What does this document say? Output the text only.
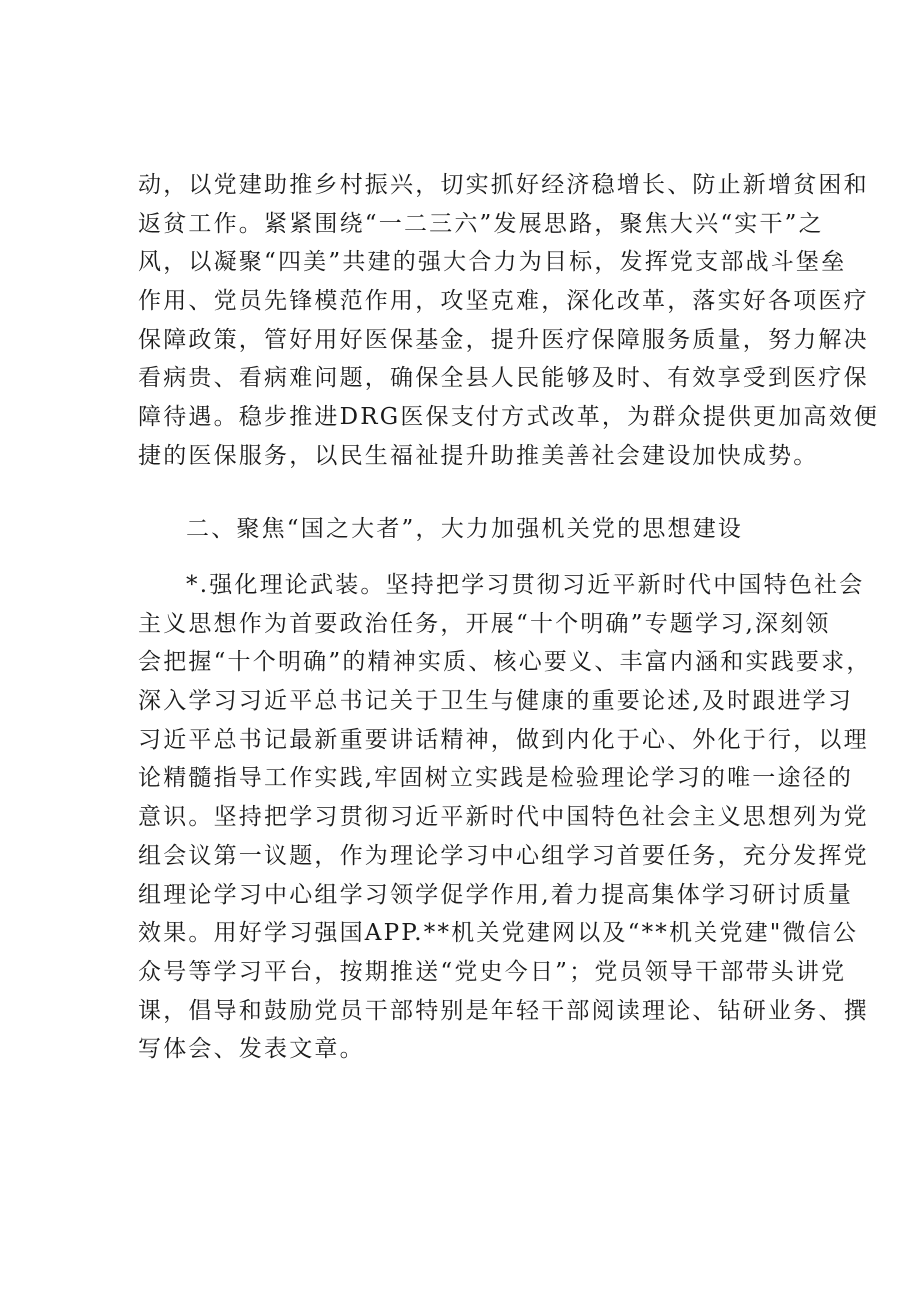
动，以党建助推乡村振兴，切实抓好经济稳增长、防止新增贫困和
返贫工作。紧紧围绕“一二三六”发展思路，聚焦大兴“实干”之
风，以凝聚“四美”共建的强大合力为目标，发挥党支部战斗堡垒
作用、党员先锋模范作用，攻坚克难，深化改革，落实好各项医疗
保障政策，管好用好医保基金，提升医疗保障服务质量，努力解决
看病贵、看病难问题，确保全县人民能够及时、有效享受到医疗保
障待遇。稳步推进DRG医保支付方式改革，为群众提供更加高效便
捷的医保服务，以民生福祉提升助推美善社会建设加快成势。
二、聚焦“国之大者”，大力加强机关党的思想建设
*.强化理论武装。坚持把学习贯彻习近平新时代中国特色社会
主义思想作为首要政治任务，开展“十个明确”专题学习,深刻领
会把握“十个明确”的精神实质、核心要义、丰富内涵和实践要求，
深入学习习近平总书记关于卫生与健康的重要论述,及时跟进学习
习近平总书记最新重要讲话精神，做到内化于心、外化于行，以理
论精髓指导工作实践,牢固树立实践是检验理论学习的唯一途径的
意识。坚持把学习贯彻习近平新时代中国特色社会主义思想列为党
组会议第一议题，作为理论学习中心组学习首要任务，充分发挥党
组理论学习中心组学习领学促学作用,着力提高集体学习研讨质量
效果。用好学习强国APP.**机关党建网以及“**机关党建"微信公
众号等学习平台，按期推送“党史今日”；党员领导干部带头讲党
课，倡导和鼓励党员干部特别是年轻干部阅读理论、钻研业务、撰
写体会、发表文章。
